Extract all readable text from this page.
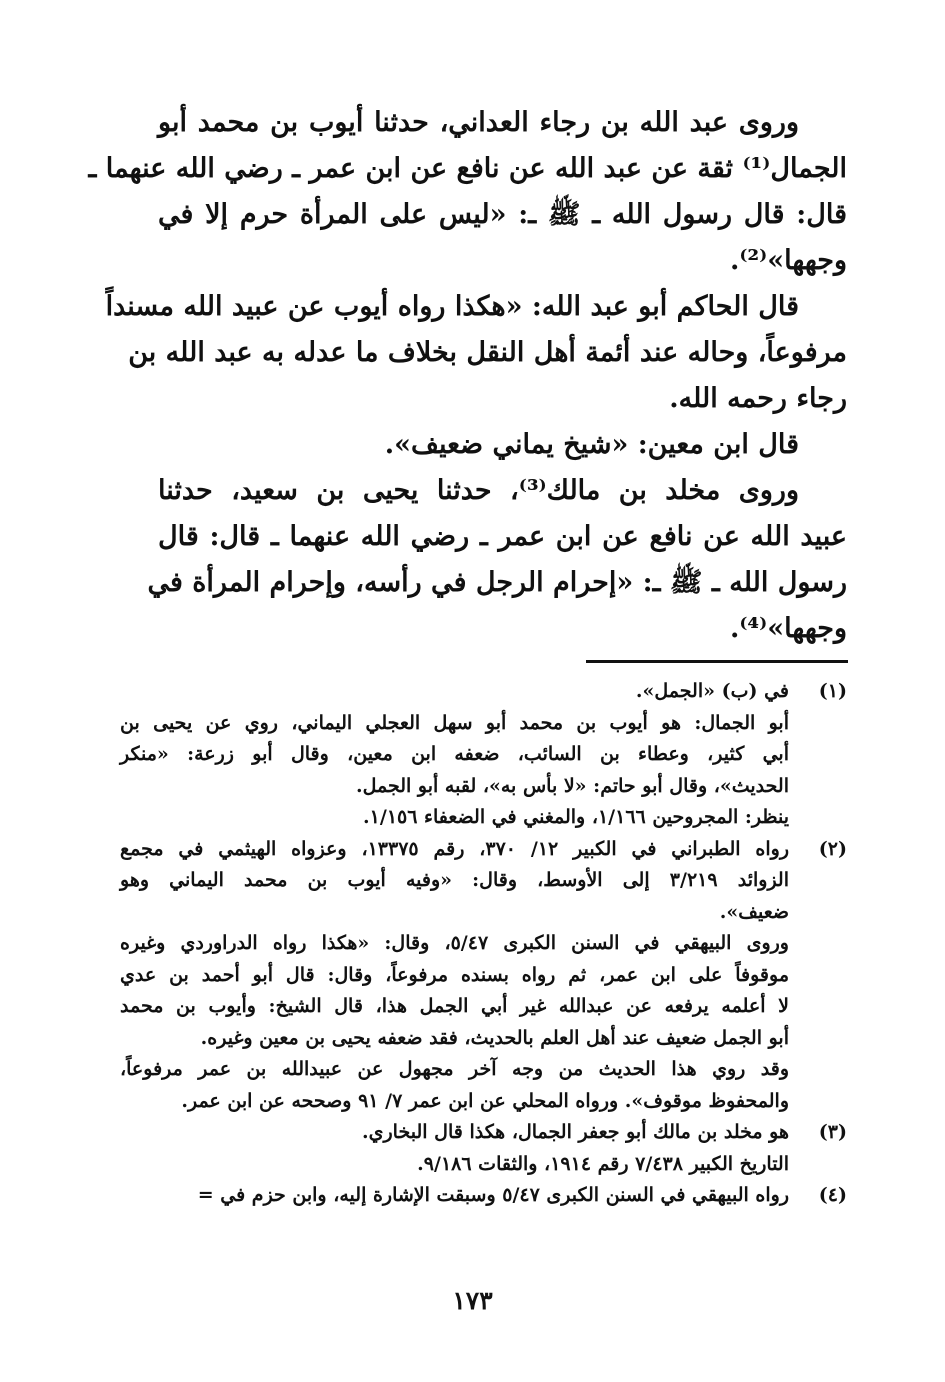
وروى عبد الله بن رجاء العداني، حدثنا أيوب بن محمد أبو
الجمال⁽¹⁾ ثقة عن عبد الله عن نافع عن ابن عمر ـ رضي الله عنهما ـ
قال: قال رسول الله ـ ﷺ ـ: «ليس على المرأة حرم إلا في
وجهها»⁽²⁾.
قال الحاكم أبو عبد الله: «هكذا رواه أيوب عن عبيد الله مسنداً
مرفوعاً، وحاله عند أئمة أهل النقل بخلاف ما عدله به عبد الله بن
رجاء رحمه الله.
قال ابن معين: «شيخ يماني ضعيف».
وروى مخلد بن مالك⁽³⁾، حدثنا يحيى بن سعيد، حدثنا
عبيد الله عن نافع عن ابن عمر ـ رضي الله عنهما ـ قال: قال
رسول الله ـ ﷺ ـ: «إحرام الرجل في رأسه، وإحرام المرأة في
وجهها»⁽⁴⁾.
(١)
في (ب) «الجمل».
أبو الجمال: هو أيوب بن محمد أبو سهل العجلي اليماني، روي عن يحيى بن
أبي كثير، وعطاء بن السائب، ضعفه ابن معين، وقال أبو زرعة: «منكر
الحديث»، وقال أبو حاتم: «لا بأس به»، لقبه أبو الجمل.
ينظر: المجروحين ١/١٦٦، والمغني في الضعفاء ١/١٥٦.
(٢)
رواه الطبراني في الكبير ١٢/ ٣٧٠، رقم ١٣٣٧٥، وعزواه الهيثمي في مجمع
الزوائد ٣/٢١٩ إلى الأوسط، وقال: «وفيه أيوب بن محمد اليماني وهو
ضعيف».
وروى البيهقي في السنن الكبرى ٥/٤٧، وقال: «هكذا رواه الدراوردي وغيره
موقوفاً على ابن عمر، ثم رواه بسنده مرفوعاً، وقال: قال أبو أحمد بن عدي
لا أعلمه يرفعه عن عبدالله غير أبي الجمل هذا، قال الشيخ: وأيوب بن محمد
أبو الجمل ضعيف عند أهل العلم بالحديث، فقد ضعفه يحيى بن معين وغيره.
وقد روي هذا الحديث من وجه آخر مجهول عن عبيدالله بن عمر مرفوعاً،
والمحفوظ موقوف». ورواه المحلي عن ابن عمر ٧/ ٩١ وصححه عن ابن عمر.
(٣)
هو مخلد بن مالك أبو جعفر الجمال، هكذا قال البخاري.
التاريخ الكبير ٧/٤٣٨ رقم ١٩١٤، والثقات ٩/١٨٦.
(٤)
رواه البيهقي في السنن الكبرى ٥/٤٧ وسبقت الإشارة إليه، وابن حزم في =
١٧٣
